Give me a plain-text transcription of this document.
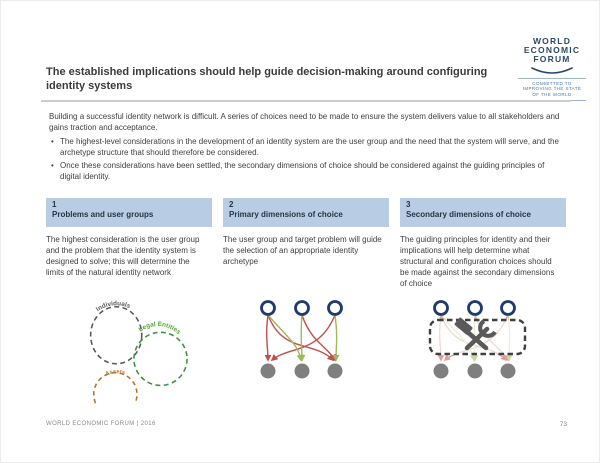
WORLD
ECONOMIC
FORUM
COMMITTED TO
IMPROVING THE STATE
OF THE WORLD
The established implications should help guide decision-making around configuring identity systems

Building a successful identity network is difficult. A series of choices need to be made to ensure the system delivers value to all stakeholders and gains traction and acceptance.

• The highest-level considerations in the development of an identity system are the user group and the need that the system will serve, and the archetype structure that should therefore be considered.
• Once these considerations have been settled, the secondary dimensions of choice should be considered against the guiding principles of digital identity.
1
Problems and user groups
The highest consideration is the user group and the problem that the identity system is designed to solve; this will determine the limits of the natural identity network
Individuals
Legal Entities
Assets
2
Primary dimensions of choice
The user group and target problem will guide the selection of an appropriate identity archetype
3
Secondary dimensions of choice
The guiding principles for identity and their implications will help determine what structural and configuration choices should be made against the secondary dimensions of choice
WORLD ECONOMIC FORUM | 2016	73
